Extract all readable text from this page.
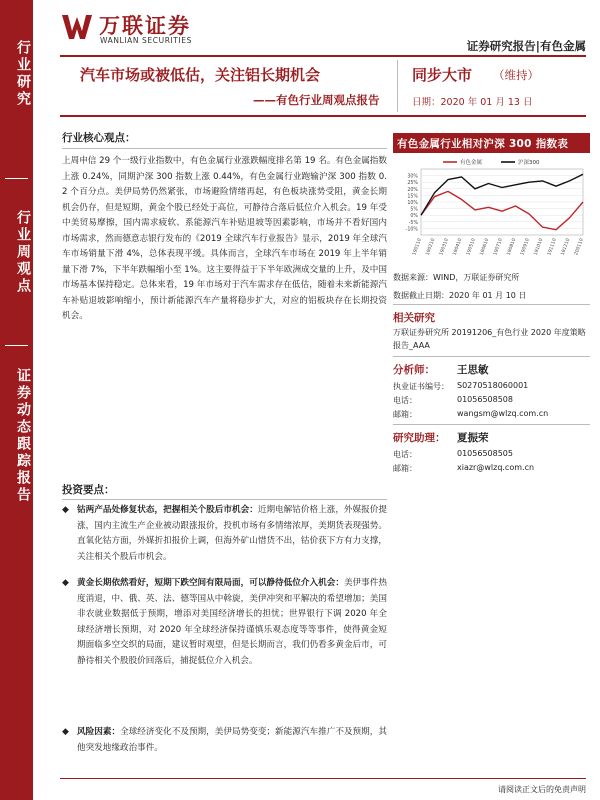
行业研究
行业周观点
证券动态跟踪报告
万联证券
WANLIAN SECURITIES	证券研究报告|有色金属
汽车市场或被低估，关注铝长期机会
——有色行业周观点报告
同步大市 （维持）
日期：2020 年 01 月 13 日
行业核心观点：
上周申信 29 个一级行业指数中，有色金属行业涨跌幅度排名第 19 名。有色金属指数上涨 0.24%，同期沪深 300 指数上涨 0.44%，有色金属行业跑输沪深 300 指数 0.2 个百分点。美伊局势仍然紧张，市场避险情绪再起，有色板块涨势受阻，黄金长期机会仍存，但是短期，黄金个股已经处于高位，可静待合落后低位介入机会。19 年受中美贸易摩擦，国内需求疲软、系能源汽车补贴退坡等因素影响，市场并不看好国内市场需求，然而德意志银行发布的《2019 全球汽车行业报告》显示，2019 年全球汽车市场销量下滑 4%，总体表现平缓。具体而言，全球汽车市场在 2019 年上半年销量下滑 7%，下半年跌幅缩小至 1%。这主要得益于下半年欧洲成交量的上升，及中国市场基本保持稳定。总体来看，19 年市场对于汽车需求存在低估，随着未来新能源汽车补贴退坡影响缩小，预计新能源汽车产量将稳步扩大，对应的铝板块存在长期投资机会。
投资要点：
◆ 钴两产品处修复状态，把握相关个股后市机会：近期电解钴价格上涨，外媒报价提涨，国内主流生产企业被动跟涨报价，投机市场有多情绪浓厚，美期货表现强势。直氧化钴方面，外媒折扣报价上调，但海外矿山惜货不出，钴价获下方有力支撑，关注相关个股后市机会。
◆ 黄金长期依然看好，短期下跌空间有限局面，可以静待低位介入机会：美伊事件热度消退，中、俄、英、法、德等国从中斡旋，美伊冲突和平解决的希望增加；美国非农就业数据低于预期，增添对美国经济增长的担忧；世界银行下调 2020 年全球经济增长预期，对 2020 年全球经济保持谨慎乐观态度等等事件，使得黄金短期面临多空交织的局面，建议暂时观望，但是长期而言，我们仍看多黄金后市，可静待相关个股股价回落后，捕捉低位介入机会。
◆ 风险因素：全球经济变化不及预期，美伊局势变变；新能源汽车推广不及预期，其他突发地缘政治事件。
有色金属行业相对沪深 300 指数表
-10%
-5%
0%
5%
10%
15%
20%
25%
30%
190110 190210 190310 190410 190510 190610 190710 190810 190910 191010 191110 191210 200110
有色金属	沪深300
数据来源：WIND，万联证券研究所
数据截止日期：2020 年 01 月 10 日
相关研究
万联证券研究所 20191206_有色行业 2020 年度策略报告_AAA
分析师： 王思敏
执业证书编号： S0270518060001
电话：	01056508508
邮箱：	wangsm@wlzq.com.cn
研究助理： 夏振荣
电话：	01056508505
邮箱：	xiazr@wlzq.com.cn
请阅读正文后的免责声明
